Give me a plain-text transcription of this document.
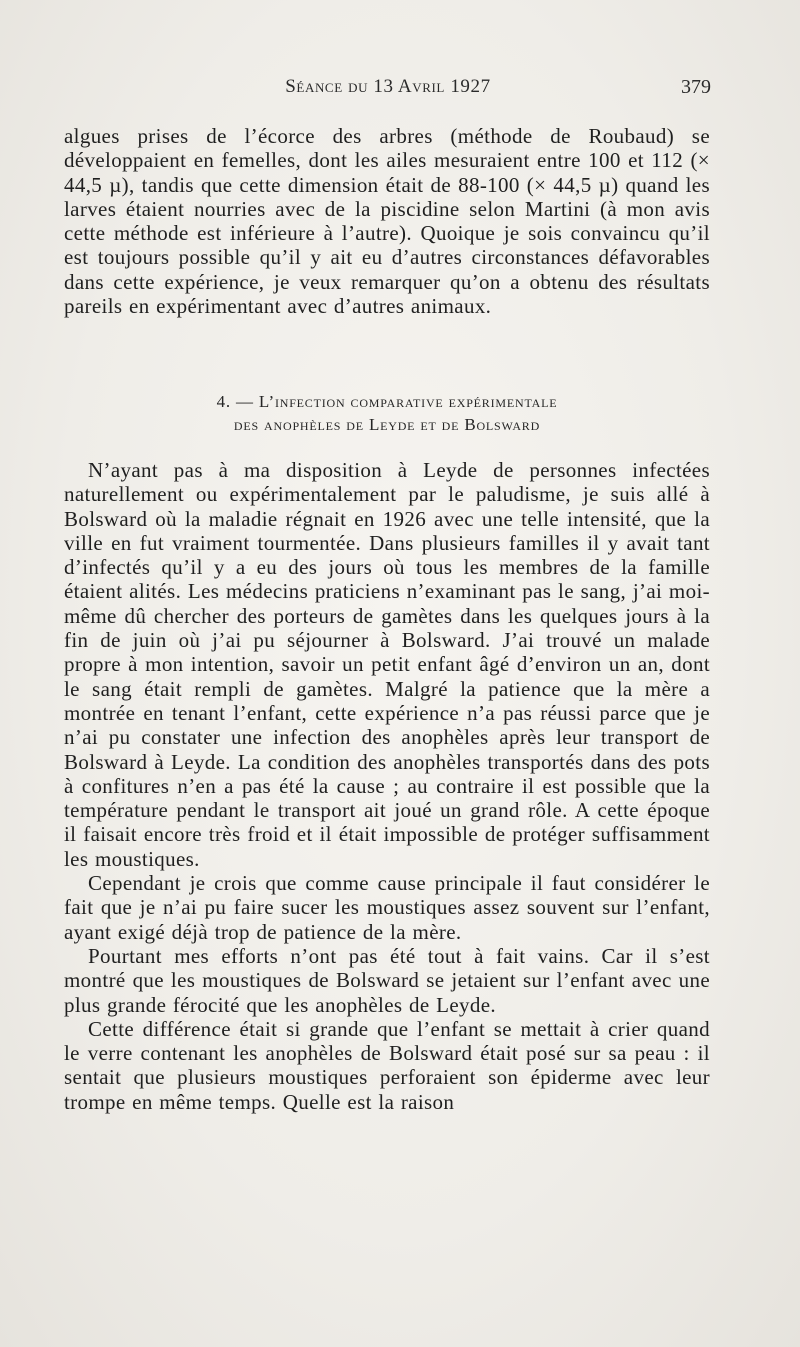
Séance du 13 Avril 1927	379

algues prises de l’écorce des arbres (méthode de Roubaud) se développaient en femelles, dont les ailes mesuraient entre 100 et 112 (× 44,5 µ), tandis que cette dimension était de 88-100 (× 44,5 µ) quand les larves étaient nourries avec de la piscidine selon Martini (à mon avis cette méthode est inférieure à l’autre). Quoique je sois convaincu qu’il est toujours possible qu’il y ait eu d’autres circonstances défavorables dans cette expérience, je veux remarquer qu’on a obtenu des résultats pareils en expérimentant avec d’autres animaux.

4. — L’infection comparative expérimentale
des anophèles de Leyde et de Bolsward

N’ayant pas à ma disposition à Leyde de personnes infectées naturellement ou expérimentalement par le paludisme, je suis allé à Bolsward où la maladie régnait en 1926 avec une telle intensité, que la ville en fut vraiment tourmentée. Dans plusieurs familles il y avait tant d’infectés qu’il y a eu des jours où tous les membres de la famille étaient alités. Les médecins praticiens n’examinant pas le sang, j’ai moi-même dû chercher des porteurs de gamètes dans les quelques jours à la fin de juin où j’ai pu séjourner à Bolsward. J’ai trouvé un malade propre à mon intention, savoir un petit enfant âgé d’environ un an, dont le sang était rempli de gamètes. Malgré la patience que la mère a montrée en tenant l’enfant, cette expérience n’a pas réussi parce que je n’ai pu constater une infection des anophèles après leur transport de Bolsward à Leyde. La condition des anophèles transportés dans des pots à confitures n’en a pas été la cause ; au contraire il est possible que la température pendant le transport ait joué un grand rôle. A cette époque il faisait encore très froid et il était impossible de protéger suffisamment les moustiques.

Cependant je crois que comme cause principale il faut considérer le fait que je n’ai pu faire sucer les moustiques assez souvent sur l’enfant, ayant exigé déjà trop de patience de la mère.

Pourtant mes efforts n’ont pas été tout à fait vains. Car il s’est montré que les moustiques de Bolsward se jetaient sur l’enfant avec une plus grande férocité que les anophèles de Leyde.

Cette différence était si grande que l’enfant se mettait à crier quand le verre contenant les anophèles de Bolsward était posé sur sa peau : il sentait que plusieurs moustiques perforaient son épiderme avec leur trompe en même temps. Quelle est la raison
